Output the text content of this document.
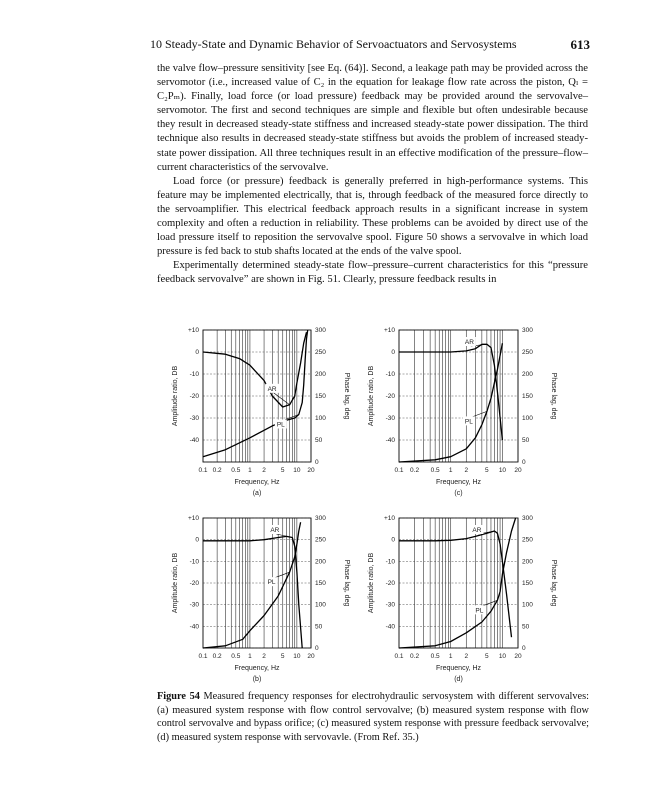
10 Steady-State and Dynamic Behavior of Servoactuators and Servosystems	613

the valve flow–pressure sensitivity [see Eq. (64)]. Second, a leakage path may be provided across the servomotor (i.e., increased value of C₂ in the equation for leakage flow rate across the piston, Qₗ = C₂Pₘ). Finally, load force (or load pressure) feedback may be provided around the servovalve–servomotor. The first and second techniques are simple and flexible but often undesirable because they result in decreased steady-state stiffness and increased steady-state power dissipation. The third technique also results in decreased steady-state stiffness but avoids the problem of increased steady-state power dissipation. All three techniques result in an effective modification of the pressure–flow–current characteristics of the servovalve.

Load force (or pressure) feedback is generally preferred in high-performance systems. This feature may be implemented electrically, that is, through feedback of the measured force directly to the servoamplifier. This electrical feedback approach results in a significant increase in system complexity and often a reduction in reliability. These problems can be avoided by direct use of the load pressure itself to reposition the servovalve spool. Figure 50 shows a servovalve in which load pressure is fed back to stub shafts located at the ends of the valve spool.

Experimentally determined steady-state flow–pressure–current characteristics for this “pressure feedback servovalve” are shown in Fig. 51. Clearly, pressure feedback results in

+10
0
-10
-20
-30
-40
300
250
200
150
100
50
0
0.1 0.2 0.5 1 2 5 10 20
Frequency, Hz
(a)
Amplitude ratio, DB	Phase lag, deg
AR
PL
+10
0
-10
-20
-30
-40
300
250
200
150
100
50
0
0.1 0.2 0.5 1 2	5 10 20
Frequency, Hz
(c)
Amplitude ratio, DB	Phase lag, deg
AR
PL
+10
0
-10
-20
-30
-40
300
250
200
150
100
50
0
0.1 0.2 0.5 1 2 5 10 20
Frequency, Hz
(b)
Amplitude ratio, DB	Phase lag, deg
AR
PL
+10
0
-10
-20
-30
-40
300
250
200
150
100
50
0
0.1 0.2 0.5 1 2	5 10 20
Frequency, Hz
(d)
Amplitude ratio, DB	Phase lag, deg
AR
PL
Figure 54 Measured frequency responses for electrohydraulic servosystem with different servovalves: (a) measured system response with flow control servovalve; (b) measured system response with flow control servovalve and bypass orifice; (c) measured system response with pressure feedback servovalve; (d) measured system response with servovavle. (From Ref. 35.)
